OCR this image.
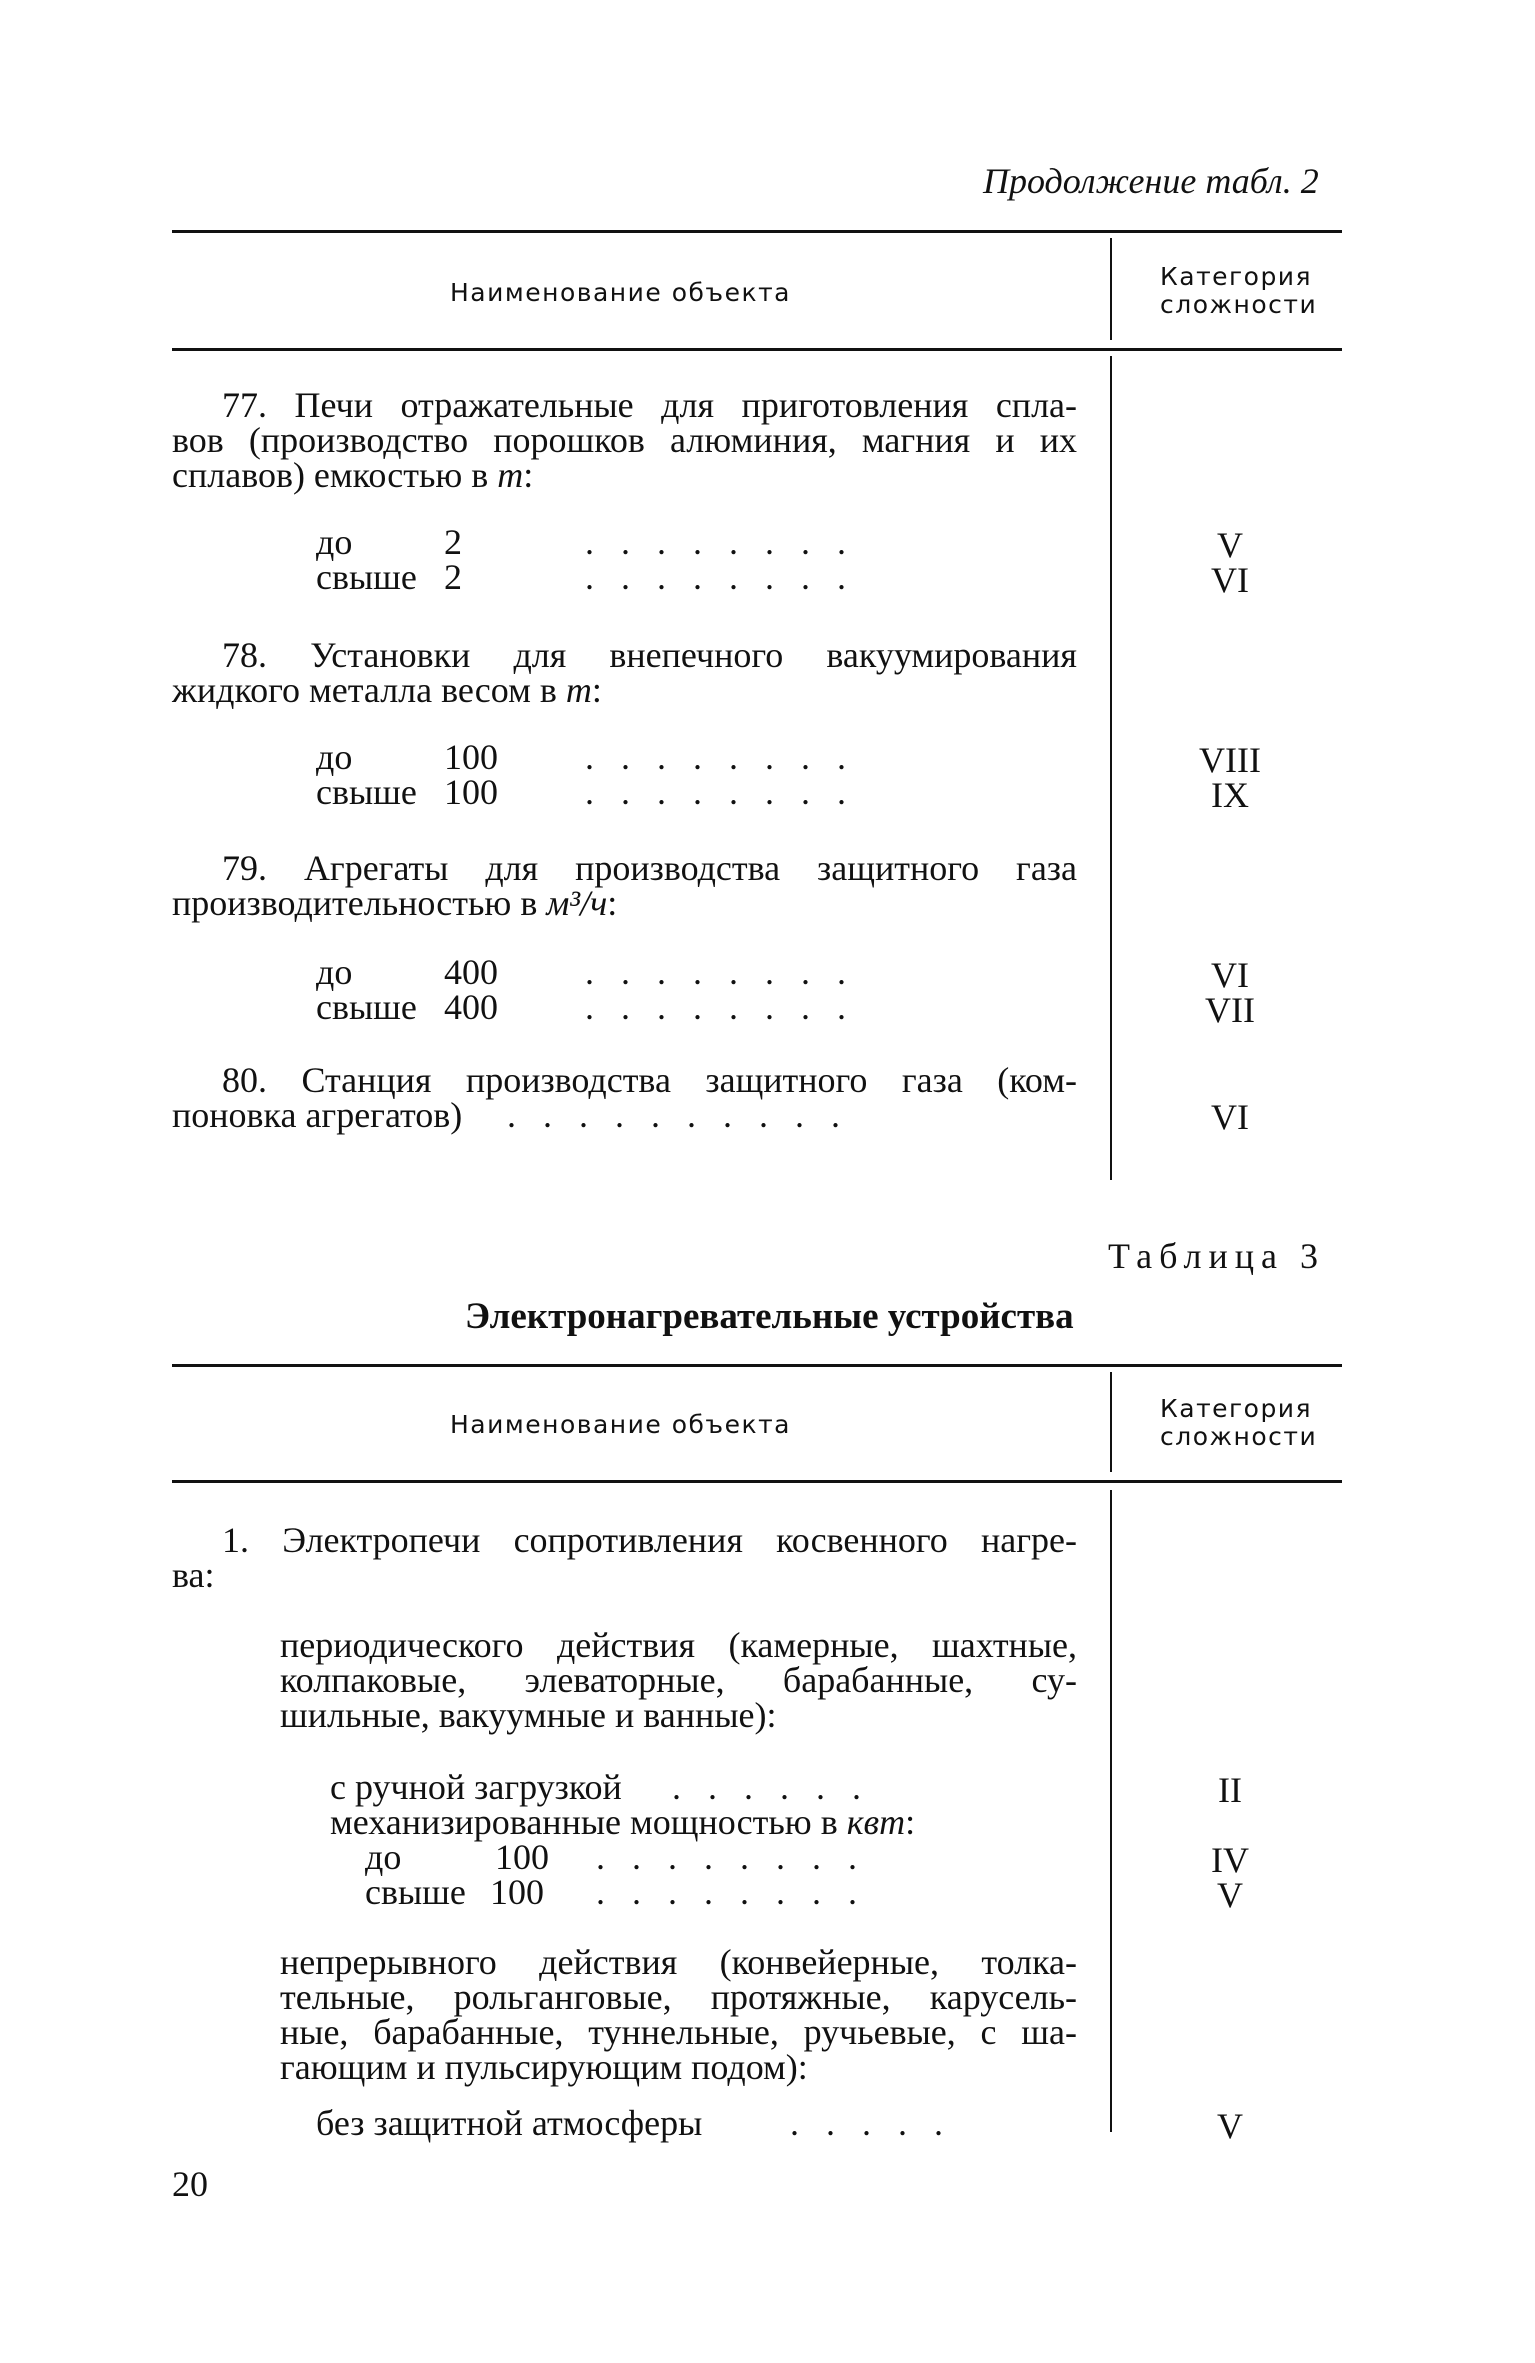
Продолжение табл. 2
Наименование объекта
Категория
сложности
77. Печи отражательные для приготовления спла-
вов (производство порошков алюминия, магния и их
сплавов) емкостью в т:
до	2	.   .   .   .   .   .   .   .	V
свыше 2	.   .   .   .   .   .   .   .	VI
78. Установки для внепечного вакуумирования
жидкого металла весом в т:
до	100 .   .   .   .   .   .   .   .	VIII
свыше 100 .   .   .   .   .   .   .   .	IX
79. Агрегаты для производства защитного газа
производительностью в м³/ч:
до	400 .   .   .   .   .   .   .   .	VI
свыше 400 .   .   .   .   .   .   .   .	VII
80. Станция производства защитного газа (ком-
поновка агрегатов) .   .   .   .   .   .   .   .   .   .	VI
Таблица 3
Электронагревательные устройства
Наименование объекта
Категория
сложности
1. Электропечи сопротивления косвенного нагре-
ва:
периодического действия (камерные, шахтные,
колпаковые, элеваторные, барабанные, су-
шильные, вакуумные и ванные):
с ручной загрузкой .   .   .   .   .   .	II
механизированные мощностью в квт:
до	100 .   .   .   .   .   .   .   .	IV
свыше 100 .   .   .   .   .   .   .   .	V
непрерывного действия (конвейерные, толка-
тельные, рольганговые, протяжные, карусель-
ные, барабанные, туннельные, ручьевые, с ша-
гающим и пульсирующим подом):
без защитной атмосферы .   .   .   .   .	V
20
